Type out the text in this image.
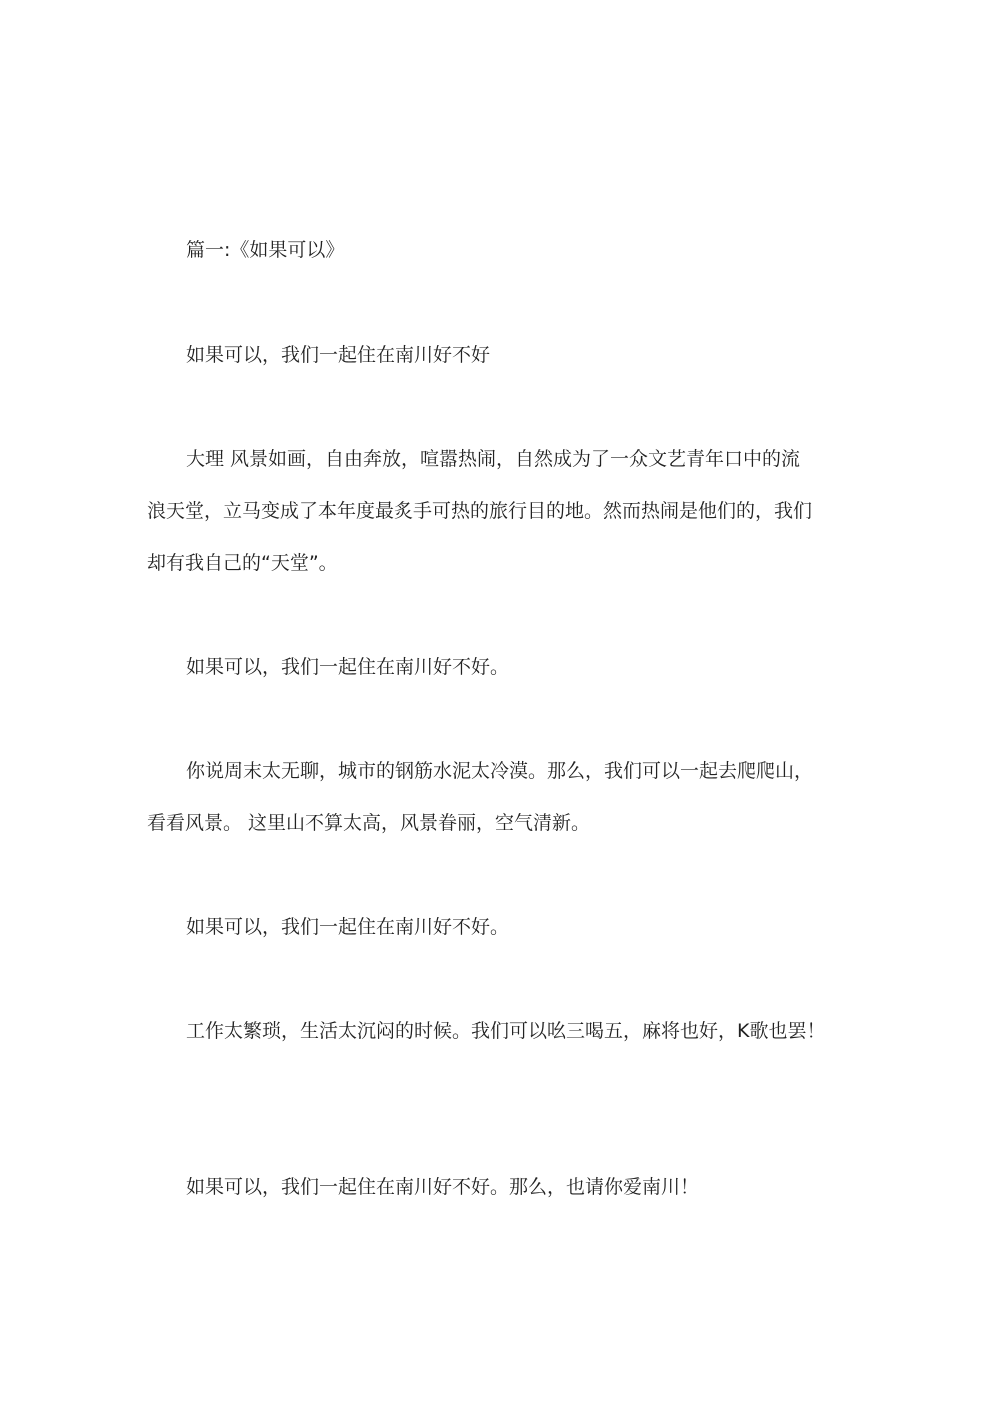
篇一:《如果可以》
如果可以，我们一起住在南川好不好
大理 风景如画，自由奔放，喧嚣热闹，自然成为了一众文艺青年口中的流
浪天堂，立马变成了本年度最炙手可热的旅行目的地。然而热闹是他们的，我们
却有我自己的“天堂”。
如果可以，我们一起住在南川好不好。
你说周末太无聊，城市的钢筋水泥太冷漠。那么，我们可以一起去爬爬山，
看看风景。 这里山不算太高，风景眷丽，空气清新。
如果可以，我们一起住在南川好不好。
工作太繁琐，生活太沉闷的时候。我们可以吆三喝五，麻将也好，K歌也罢！
如果可以，我们一起住在南川好不好。那么，也请你爱南川！
